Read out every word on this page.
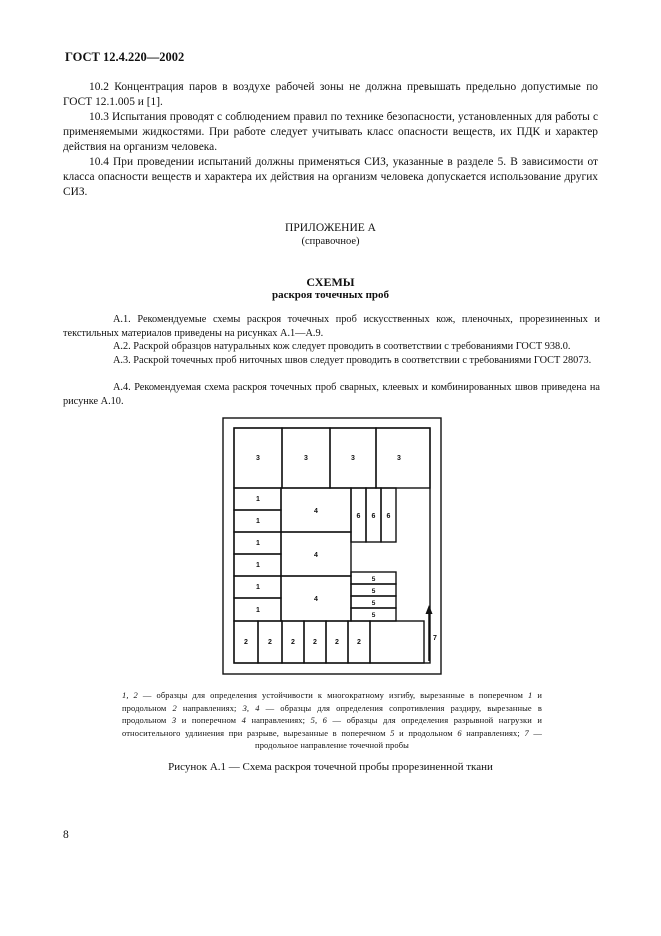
ГОСТ 12.4.220—2002

10.2 Концентрация паров в воздухе рабочей зоны не должна превышать предельно допустимые по ГОСТ 12.1.005 и [1].

10.3 Испытания проводят с соблюдением правил по технике безопасности, установленных для работы с применяемыми жидкостями. При работе следует учитывать класс опасности веществ, их ПДК и характер действия на организм человека.

10.4 При проведении испытаний должны применяться СИЗ, указанные в разделе 5. В зависимости от класса опасности веществ и характера их действия на организм человека допускается использование других СИЗ.

ПРИЛОЖЕНИЕ А
(справочное)
СХЕМЫ
раскроя точечных проб

А.1. Рекомендуемые схемы раскроя точечных проб искусственных кож, пленочных, прорезиненных и текстильных материалов приведены на рисунках А.1—А.9.

А.2. Раскрой образцов натуральных кож следует проводить в соответствии с требованиями ГОСТ 938.0.

А.3. Раскрой точечных проб ниточных швов следует проводить в соответствии с требованиями ГОСТ 28073.

А.4. Рекомендуемая схема раскроя точечных проб сварных, клеевых и комбинированных швов приведена на рисунке А.10.

3	3	3	3
1
1
1
1
1
1
4
4
4
6 6 6
5
5
5
5
2	2	2	2	2	2
7

1, 2 — образцы для определения устойчивости к многократному изгибу, вырезанные в поперечном 1 и продольном 2 направлениях; 3, 4 — образцы для определения сопротивления раздиру, вырезанные в продольном 3 и поперечном 4 направлениях; 5, 6 — образцы для определения разрывной нагрузки и относительного удлинения при разрыве, вырезанные в поперечном 5 и продольном 6 направлениях; 7 — продольное направление точечной пробы

Рисунок А.1 — Схема раскроя точечной пробы прорезиненной ткани
8
